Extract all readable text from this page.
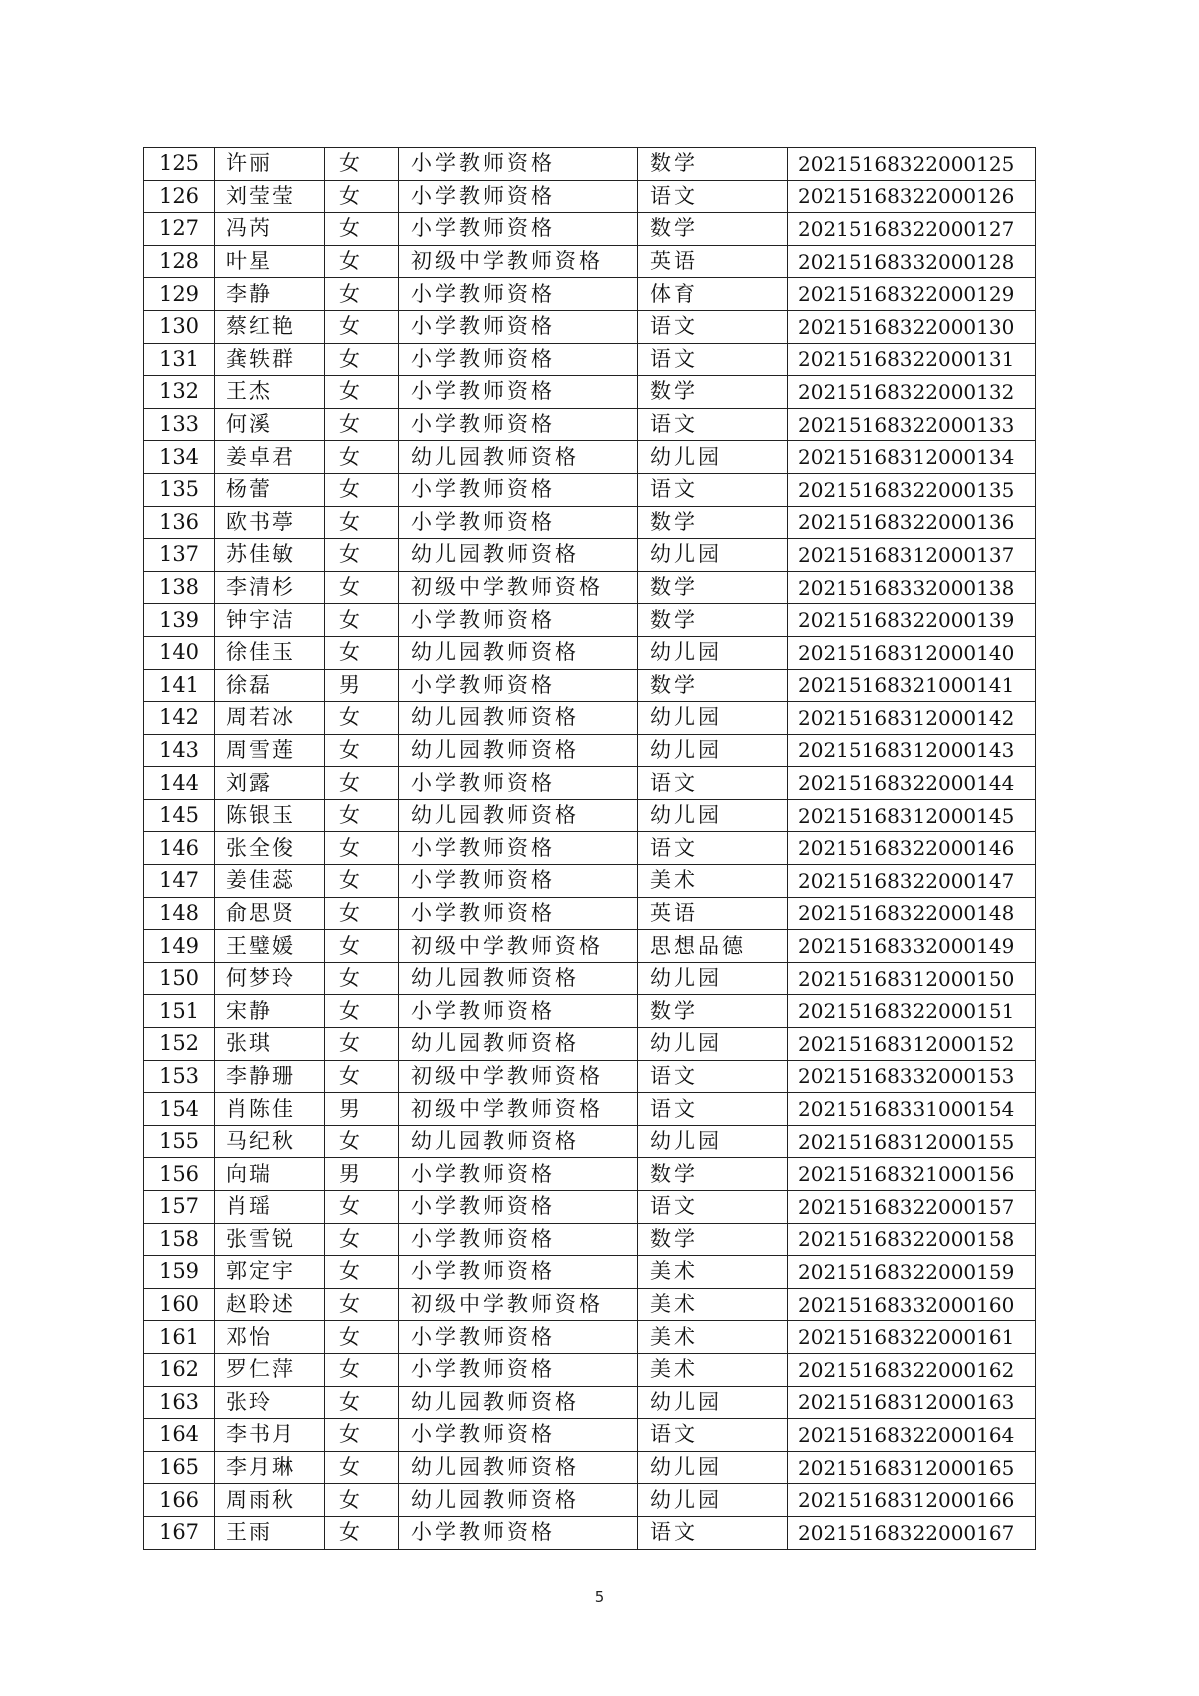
125	许丽	女	小学教师资格	数学	20215168322000125
126	刘莹莹	女	小学教师资格	语文	20215168322000126
127	冯芮	女	小学教师资格	数学	20215168322000127
128	叶星	女	初级中学教师资格	英语	20215168332000128
129	李静	女	小学教师资格	体育	20215168322000129
130	蔡红艳	女	小学教师资格	语文	20215168322000130
131	龚轶群	女	小学教师资格	语文	20215168322000131
132	王杰	女	小学教师资格	数学	20215168322000132
133	何溪	女	小学教师资格	语文	20215168322000133
134	姜卓君	女	幼儿园教师资格	幼儿园	20215168312000134
135	杨蕾	女	小学教师资格	语文	20215168322000135
136	欧书葶	女	小学教师资格	数学	20215168322000136
137	苏佳敏	女	幼儿园教师资格	幼儿园	20215168312000137
138	李清杉	女	初级中学教师资格	数学	20215168332000138
139	钟宇洁	女	小学教师资格	数学	20215168322000139
140	徐佳玉	女	幼儿园教师资格	幼儿园	20215168312000140
141	徐磊	男	小学教师资格	数学	20215168321000141
142	周若冰	女	幼儿园教师资格	幼儿园	20215168312000142
143	周雪莲	女	幼儿园教师资格	幼儿园	20215168312000143
144	刘露	女	小学教师资格	语文	20215168322000144
145	陈银玉	女	幼儿园教师资格	幼儿园	20215168312000145
146	张全俊	女	小学教师资格	语文	20215168322000146
147	姜佳蕊	女	小学教师资格	美术	20215168322000147
148	俞思贤	女	小学教师资格	英语	20215168322000148
149	王璧媛	女	初级中学教师资格	思想品德	20215168332000149
150	何梦玲	女	幼儿园教师资格	幼儿园	20215168312000150
151	宋静	女	小学教师资格	数学	20215168322000151
152	张琪	女	幼儿园教师资格	幼儿园	20215168312000152
153	李静珊	女	初级中学教师资格	语文	20215168332000153
154	肖陈佳	男	初级中学教师资格	语文	20215168331000154
155	马纪秋	女	幼儿园教师资格	幼儿园	20215168312000155
156	向瑞	男	小学教师资格	数学	20215168321000156
157	肖瑶	女	小学教师资格	语文	20215168322000157
158	张雪锐	女	小学教师资格	数学	20215168322000158
159	郭定宇	女	小学教师资格	美术	20215168322000159
160	赵聆述	女	初级中学教师资格	美术	20215168332000160
161	邓怡	女	小学教师资格	美术	20215168322000161
162	罗仁萍	女	小学教师资格	美术	20215168322000162
163	张玲	女	幼儿园教师资格	幼儿园	20215168312000163
164	李书月	女	小学教师资格	语文	20215168322000164
165	李月琳	女	幼儿园教师资格	幼儿园	20215168312000165
166	周雨秋	女	幼儿园教师资格	幼儿园	20215168312000166
167	王雨	女	小学教师资格	语文	20215168322000167
5
